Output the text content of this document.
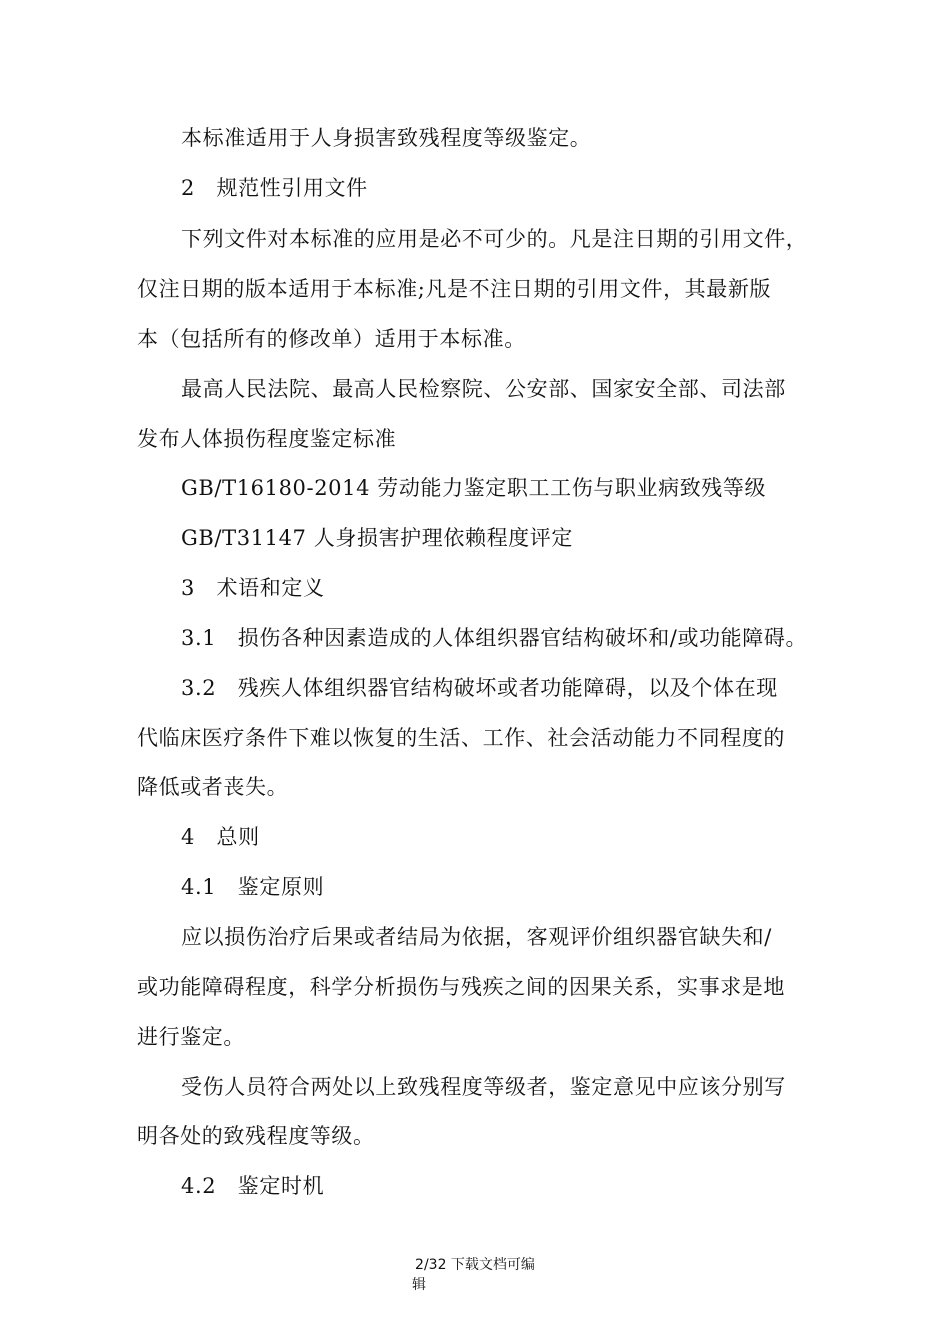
本标准适用于人身损害致残程度等级鉴定。
2　规范性引用文件
下列文件对本标准的应用是必不可少的。凡是注日期的引用文件，
仅注日期的版本适用于本标准;凡是不注日期的引用文件，其最新版
本（包括所有的修改单）适用于本标准。
最高人民法院、最高人民检察院、公安部、国家安全部、司法部
发布人体损伤程度鉴定标准
GB/T16180-2014 劳动能力鉴定职工工伤与职业病致残等级
GB/T31147 人身损害护理依赖程度评定
3　术语和定义
3.1　损伤各种因素造成的人体组织器官结构破坏和/或功能障碍。
3.2　残疾人体组织器官结构破坏或者功能障碍，以及个体在现
代临床医疗条件下难以恢复的生活、工作、社会活动能力不同程度的
降低或者丧失。
4　总则
4.1　鉴定原则
应以损伤治疗后果或者结局为依据，客观评价组织器官缺失和/
或功能障碍程度，科学分析损伤与残疾之间的因果关系，实事求是地
进行鉴定。
受伤人员符合两处以上致残程度等级者，鉴定意见中应该分别写
明各处的致残程度等级。
4.2　鉴定时机
2/32 下载文档可编
辑
